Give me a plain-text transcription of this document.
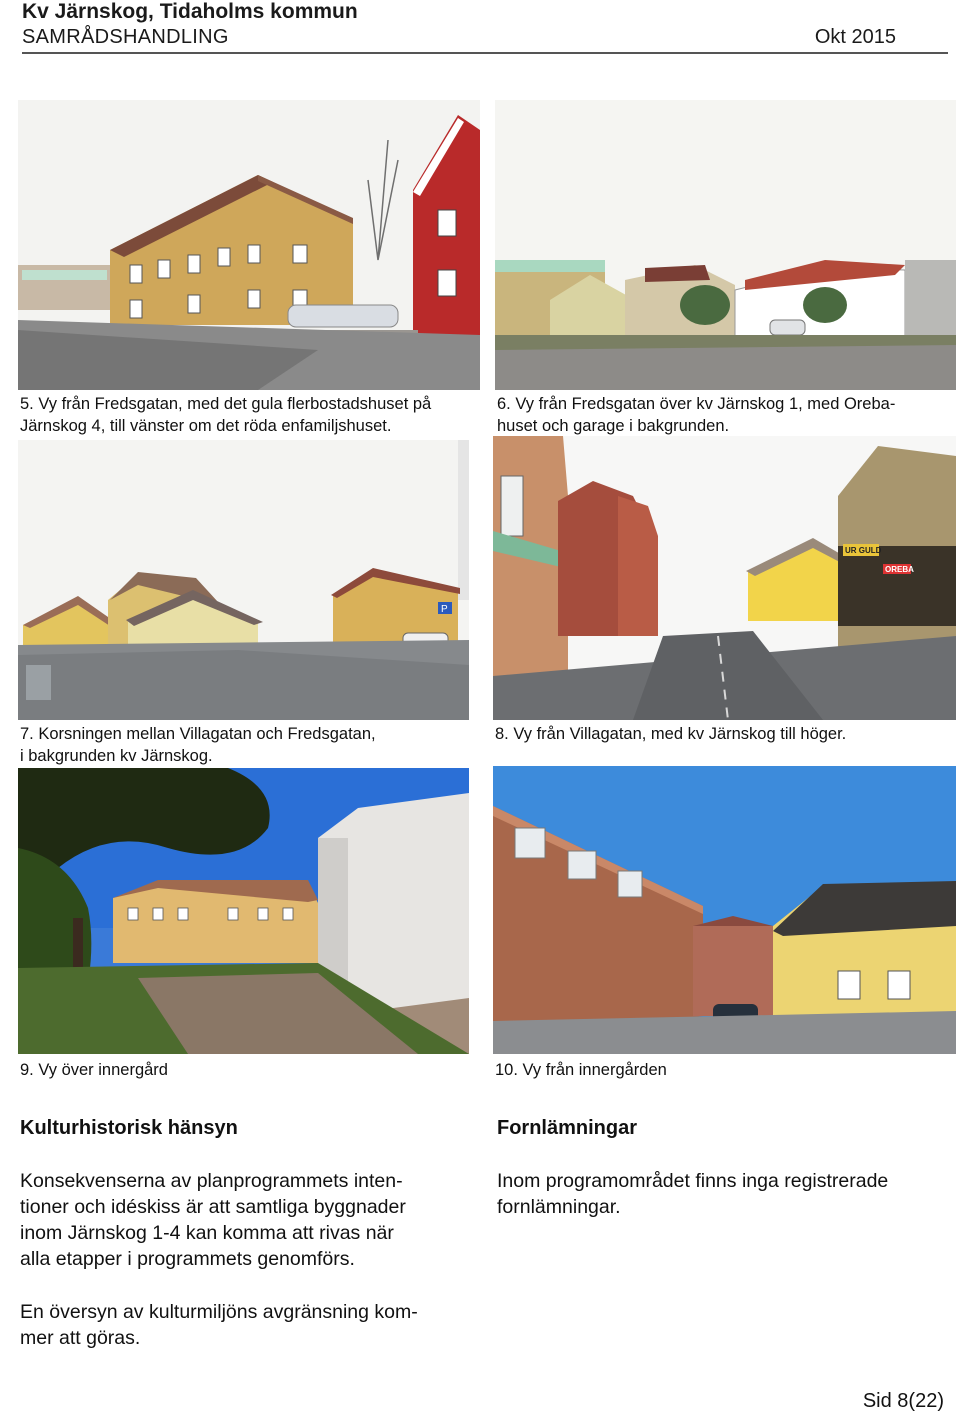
Kv Järnskog, Tidaholms kommun
SAMRÅDSHANDLING	Okt 2015
5. Vy från Fredsgatan, med det gula flerbostadshuset på
Järnskog 4, till vänster om det röda enfamiljshuset.
6. Vy från Fredsgatan över kv Järnskog 1, med Oreba-
huset och garage i bakgrunden.
P
UR GULD
OREBA
7. Korsningen mellan Villagatan och Fredsgatan,
i bakgrunden kv Järnskog.
8. Vy från Villagatan, med kv Järnskog till höger.
9. Vy över innergård	10. Vy från innergården
Kulturhistorisk hänsyn
Konsekvenserna av planprogrammets inten-
tioner och idéskiss är att samtliga byggnader
inom Järnskog 1-4 kan komma att rivas när
alla etapper i programmets genomförs.
En översyn av kulturmiljöns avgränsning kom-
mer att göras.
Fornlämningar
Inom programområdet finns inga registrerade
fornlämningar.
Sid 8(22)
